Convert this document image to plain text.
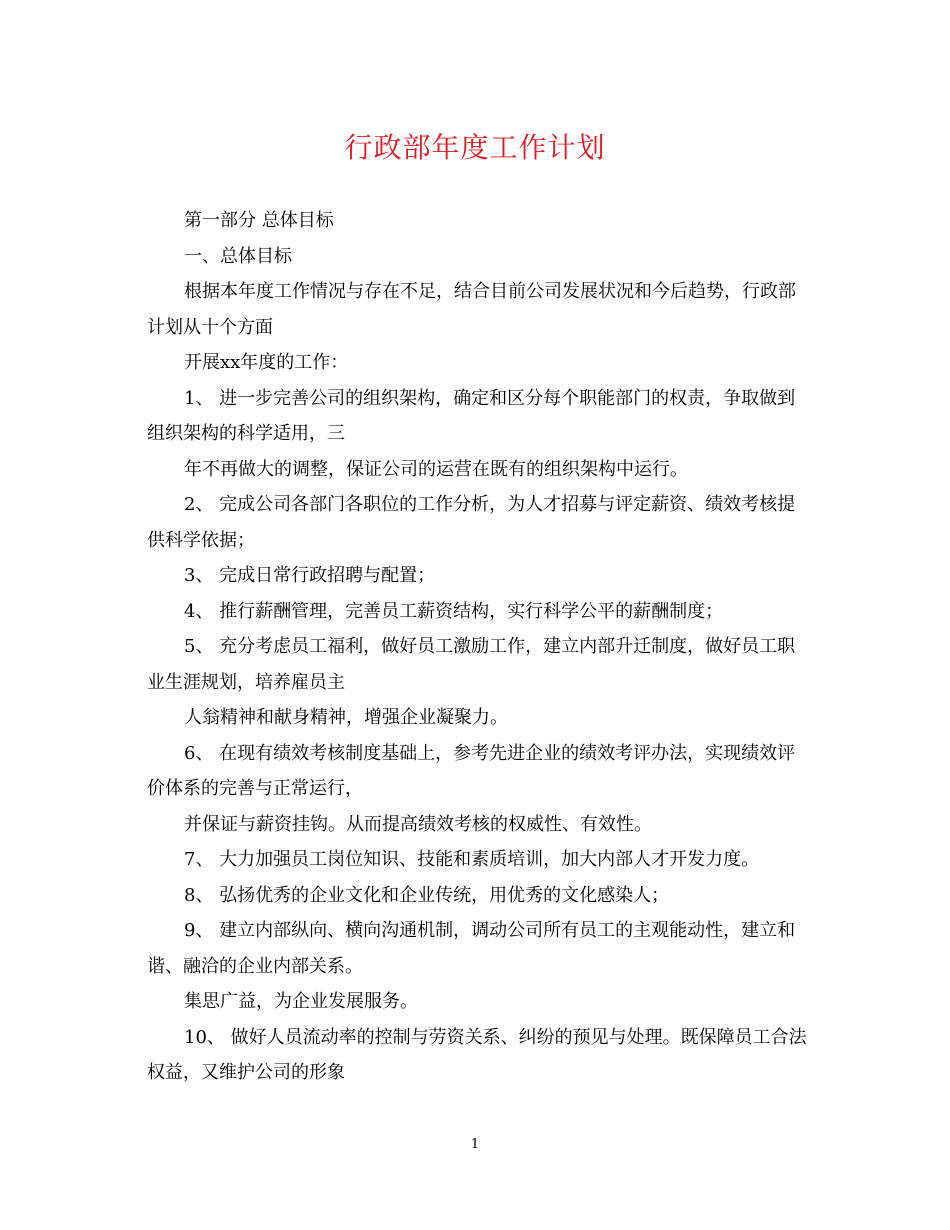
行政部年度工作计划

第一部分 总体目标

一、总体目标

根据本年度工作情况与存在不足，结合目前公司发展状况和今后趋势，行政部计划从十个方面

开展xx年度的工作：

1、 进一步完善公司的组织架构，确定和区分每个职能部门的权责，争取做到组织架构的科学适用，三

年不再做大的调整，保证公司的运营在既有的组织架构中运行。

2、 完成公司各部门各职位的工作分析，为人才招募与评定薪资、绩效考核提供科学依据；

3、 完成日常行政招聘与配置；

4、 推行薪酬管理，完善员工薪资结构，实行科学公平的薪酬制度；

5、 充分考虑员工福利，做好员工激励工作，建立内部升迁制度，做好员工职业生涯规划，培养雇员主

人翁精神和献身精神，增强企业凝聚力。

6、 在现有绩效考核制度基础上，参考先进企业的绩效考评办法，实现绩效评价体系的完善与正常运行，

并保证与薪资挂钩。从而提高绩效考核的权威性、有效性。

7、 大力加强员工岗位知识、技能和素质培训，加大内部人才开发力度。

8、 弘扬优秀的企业文化和企业传统，用优秀的文化感染人；

9、 建立内部纵向、横向沟通机制，调动公司所有员工的主观能动性，建立和谐、融洽的企业内部关系。

集思广益，为企业发展服务。

10、 做好人员流动率的控制与劳资关系、纠纷的预见与处理。既保障员工合法权益，又维护公司的形象

1
